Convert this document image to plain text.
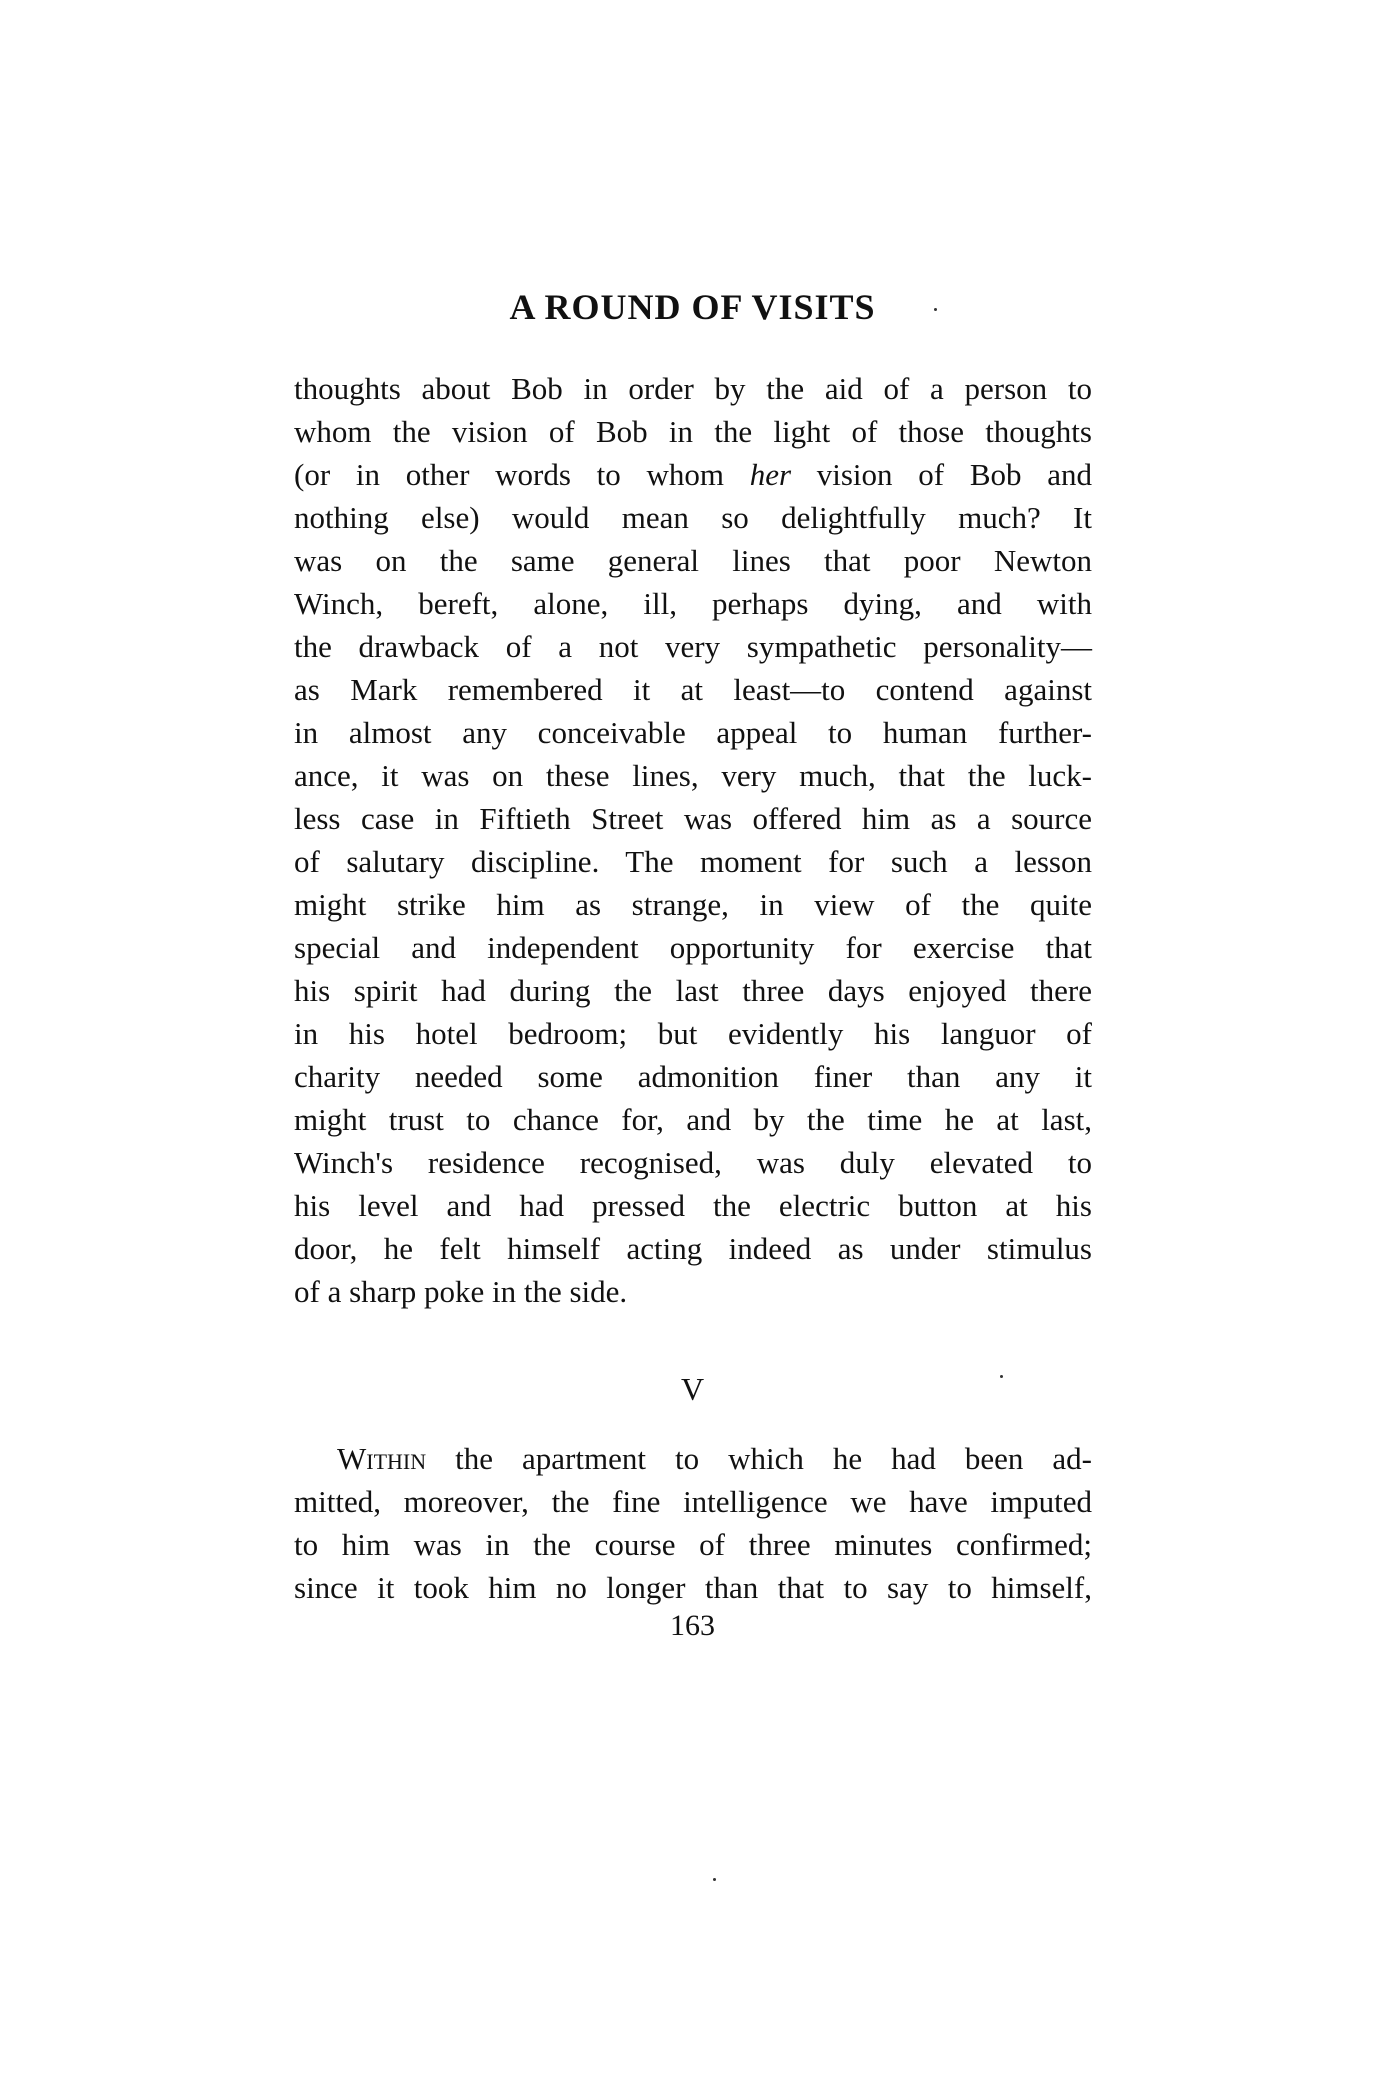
A ROUND OF VISITS
thoughts about Bob in order by the aid of a person to
whom the vision of Bob in the light of those thoughts
(or in other words to whom her vision of Bob and
nothing else) would mean so delightfully much? It
was on the same general lines that poor Newton
Winch, bereft, alone, ill, perhaps dying, and with
the drawback of a not very sympathetic personality—
as Mark remembered it at least—to contend against
in almost any conceivable appeal to human further-
ance, it was on these lines, very much, that the luck-
less case in Fiftieth Street was offered him as a source
of salutary discipline. The moment for such a lesson
might strike him as strange, in view of the quite
special and independent opportunity for exercise that
his spirit had during the last three days enjoyed there
in his hotel bedroom; but evidently his languor of
charity needed some admonition finer than any it
might trust to chance for, and by the time he at last,
Winch's residence recognised, was duly elevated to
his level and had pressed the electric button at his
door, he felt himself acting indeed as under stimulus
of a sharp poke in the side.
V
Within the apartment to which he had been ad-
mitted, moreover, the fine intelligence we have imputed
to him was in the course of three minutes confirmed;
since it took him no longer than that to say to himself,
163
